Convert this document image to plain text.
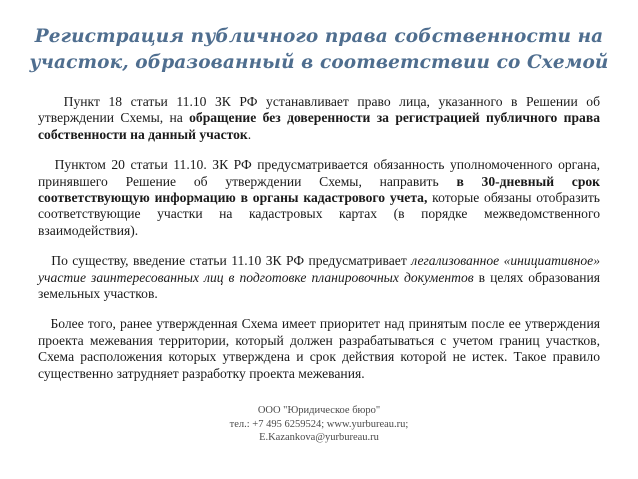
Регистрация публичного права собственности на
участок, образованный в соответствии со Схемой

Пункт 18 статьи 11.10 ЗК РФ устанавливает право лица, указанного в Решении об утверждении Схемы, на обращение без доверенности за регистрацией публичного права собственности на данный участок.

Пунктом 20 статьи 11.10. ЗК РФ предусматривается обязанность уполномоченного органа, принявшего Решение об утверждении Схемы, направить в 30-дневный срок соответствующую информацию в органы кадастрового учета, которые обязаны отобразить соответствующие участки на кадастровых картах (в порядке межведомственного взаимодействия).

По существу, введение статьи 11.10 ЗК РФ предусматривает легализованное «инициативное» участие заинтересованных лиц в подготовке планировочных документов в целях образования земельных участков.

Более того, ранее утвержденная Схема имеет приоритет над принятым после ее утверждения проекта межевания территории, который должен разрабатываться с учетом границ участков, Схема расположения которых утверждена и срок действия которой не истек. Такое правило существенно затрудняет разработку проекта межевания.

ООО "Юридическое бюро"
тел.: +7 495 6259524; www.yurbureau.ru;
E.Kazankova@yurbureau.ru
